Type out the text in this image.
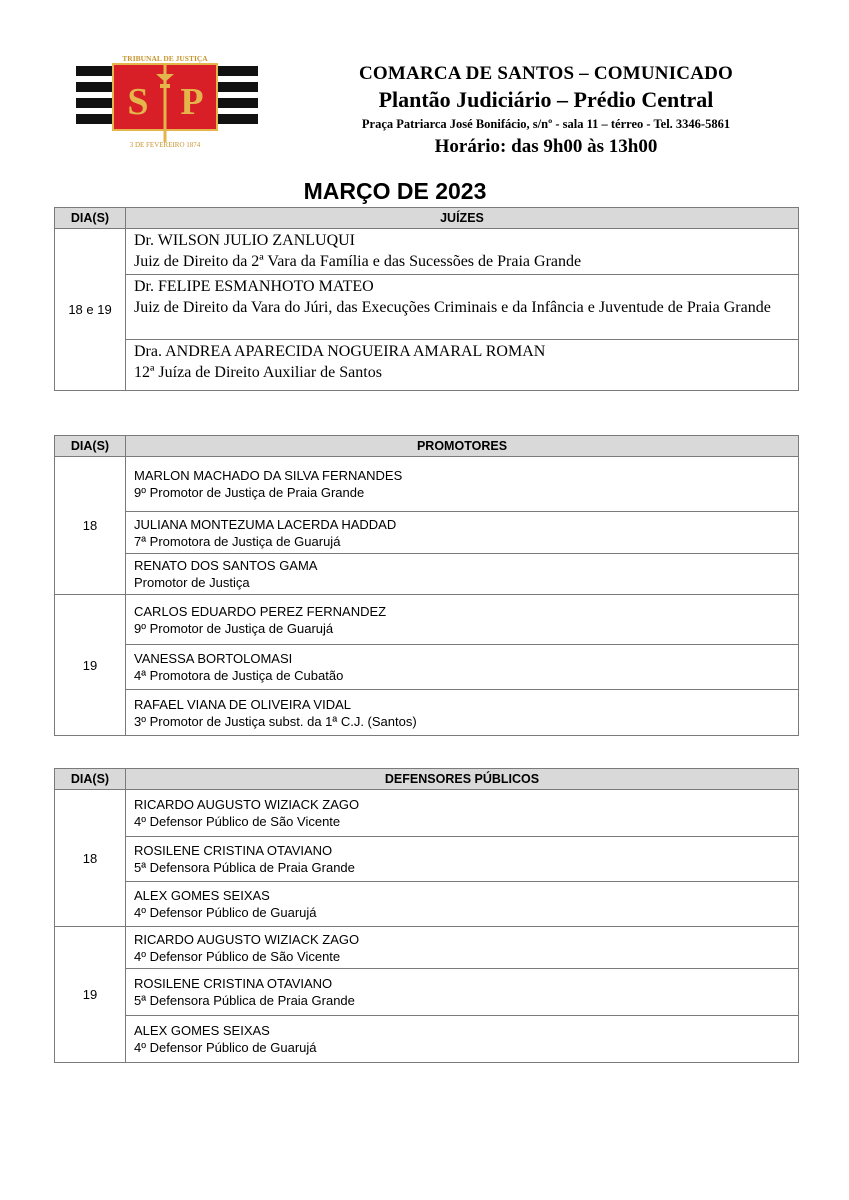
S P
TRIBUNAL DE JUSTIÇA
3 DE FEVEREIRO 1874
COMARCA DE SANTOS – COMUNICADO
Plantão Judiciário – Prédio Central
Praça Patriarca José Bonifácio, s/nº - sala 11 – térreo - Tel. 3346-5861
Horário: das 9h00 às 13h00
MARÇO DE 2023
DIA(S)	JUÍZES
18 e 19	Dr. WILSON JULIO ZANLUQUI
Juiz de Direito da 2ª Vara da Família e das Sucessões de Praia Grande

	Dr. FELIPE ESMANHOTO MATEO
Juiz de Direito da Vara do Júri, das Execuções Criminais e da Infância e Juventude de Praia Grande

	Dra. ANDREA APARECIDA NOGUEIRA AMARAL ROMAN
12ª Juíza de Direito Auxiliar de Santos
DIA(S)	PROMOTORES
18	MARLON MACHADO DA SILVA FERNANDES
9º Promotor de Justiça de Praia Grande

	JULIANA MONTEZUMA LACERDA HADDAD
7ª Promotora de Justiça de Guarujá

	RENATO DOS SANTOS GAMA
Promotor de Justiça

19	CARLOS EDUARDO PEREZ FERNANDEZ
9º Promotor de Justiça de Guarujá

	VANESSA BORTOLOMASI
4ª Promotora de Justiça de Cubatão

	RAFAEL VIANA DE OLIVEIRA VIDAL
3º Promotor de Justiça subst. da 1ª C.J. (Santos)
DIA(S)	DEFENSORES PÚBLICOS
18	RICARDO AUGUSTO WIZIACK ZAGO
4º Defensor Público de São Vicente

	ROSILENE CRISTINA OTAVIANO
5ª Defensora Pública de Praia Grande

	ALEX GOMES SEIXAS
4º Defensor Público de Guarujá

19	RICARDO AUGUSTO WIZIACK ZAGO
4º Defensor Público de São Vicente

	ROSILENE CRISTINA OTAVIANO
5ª Defensora Pública de Praia Grande

	ALEX GOMES SEIXAS
4º Defensor Público de Guarujá
